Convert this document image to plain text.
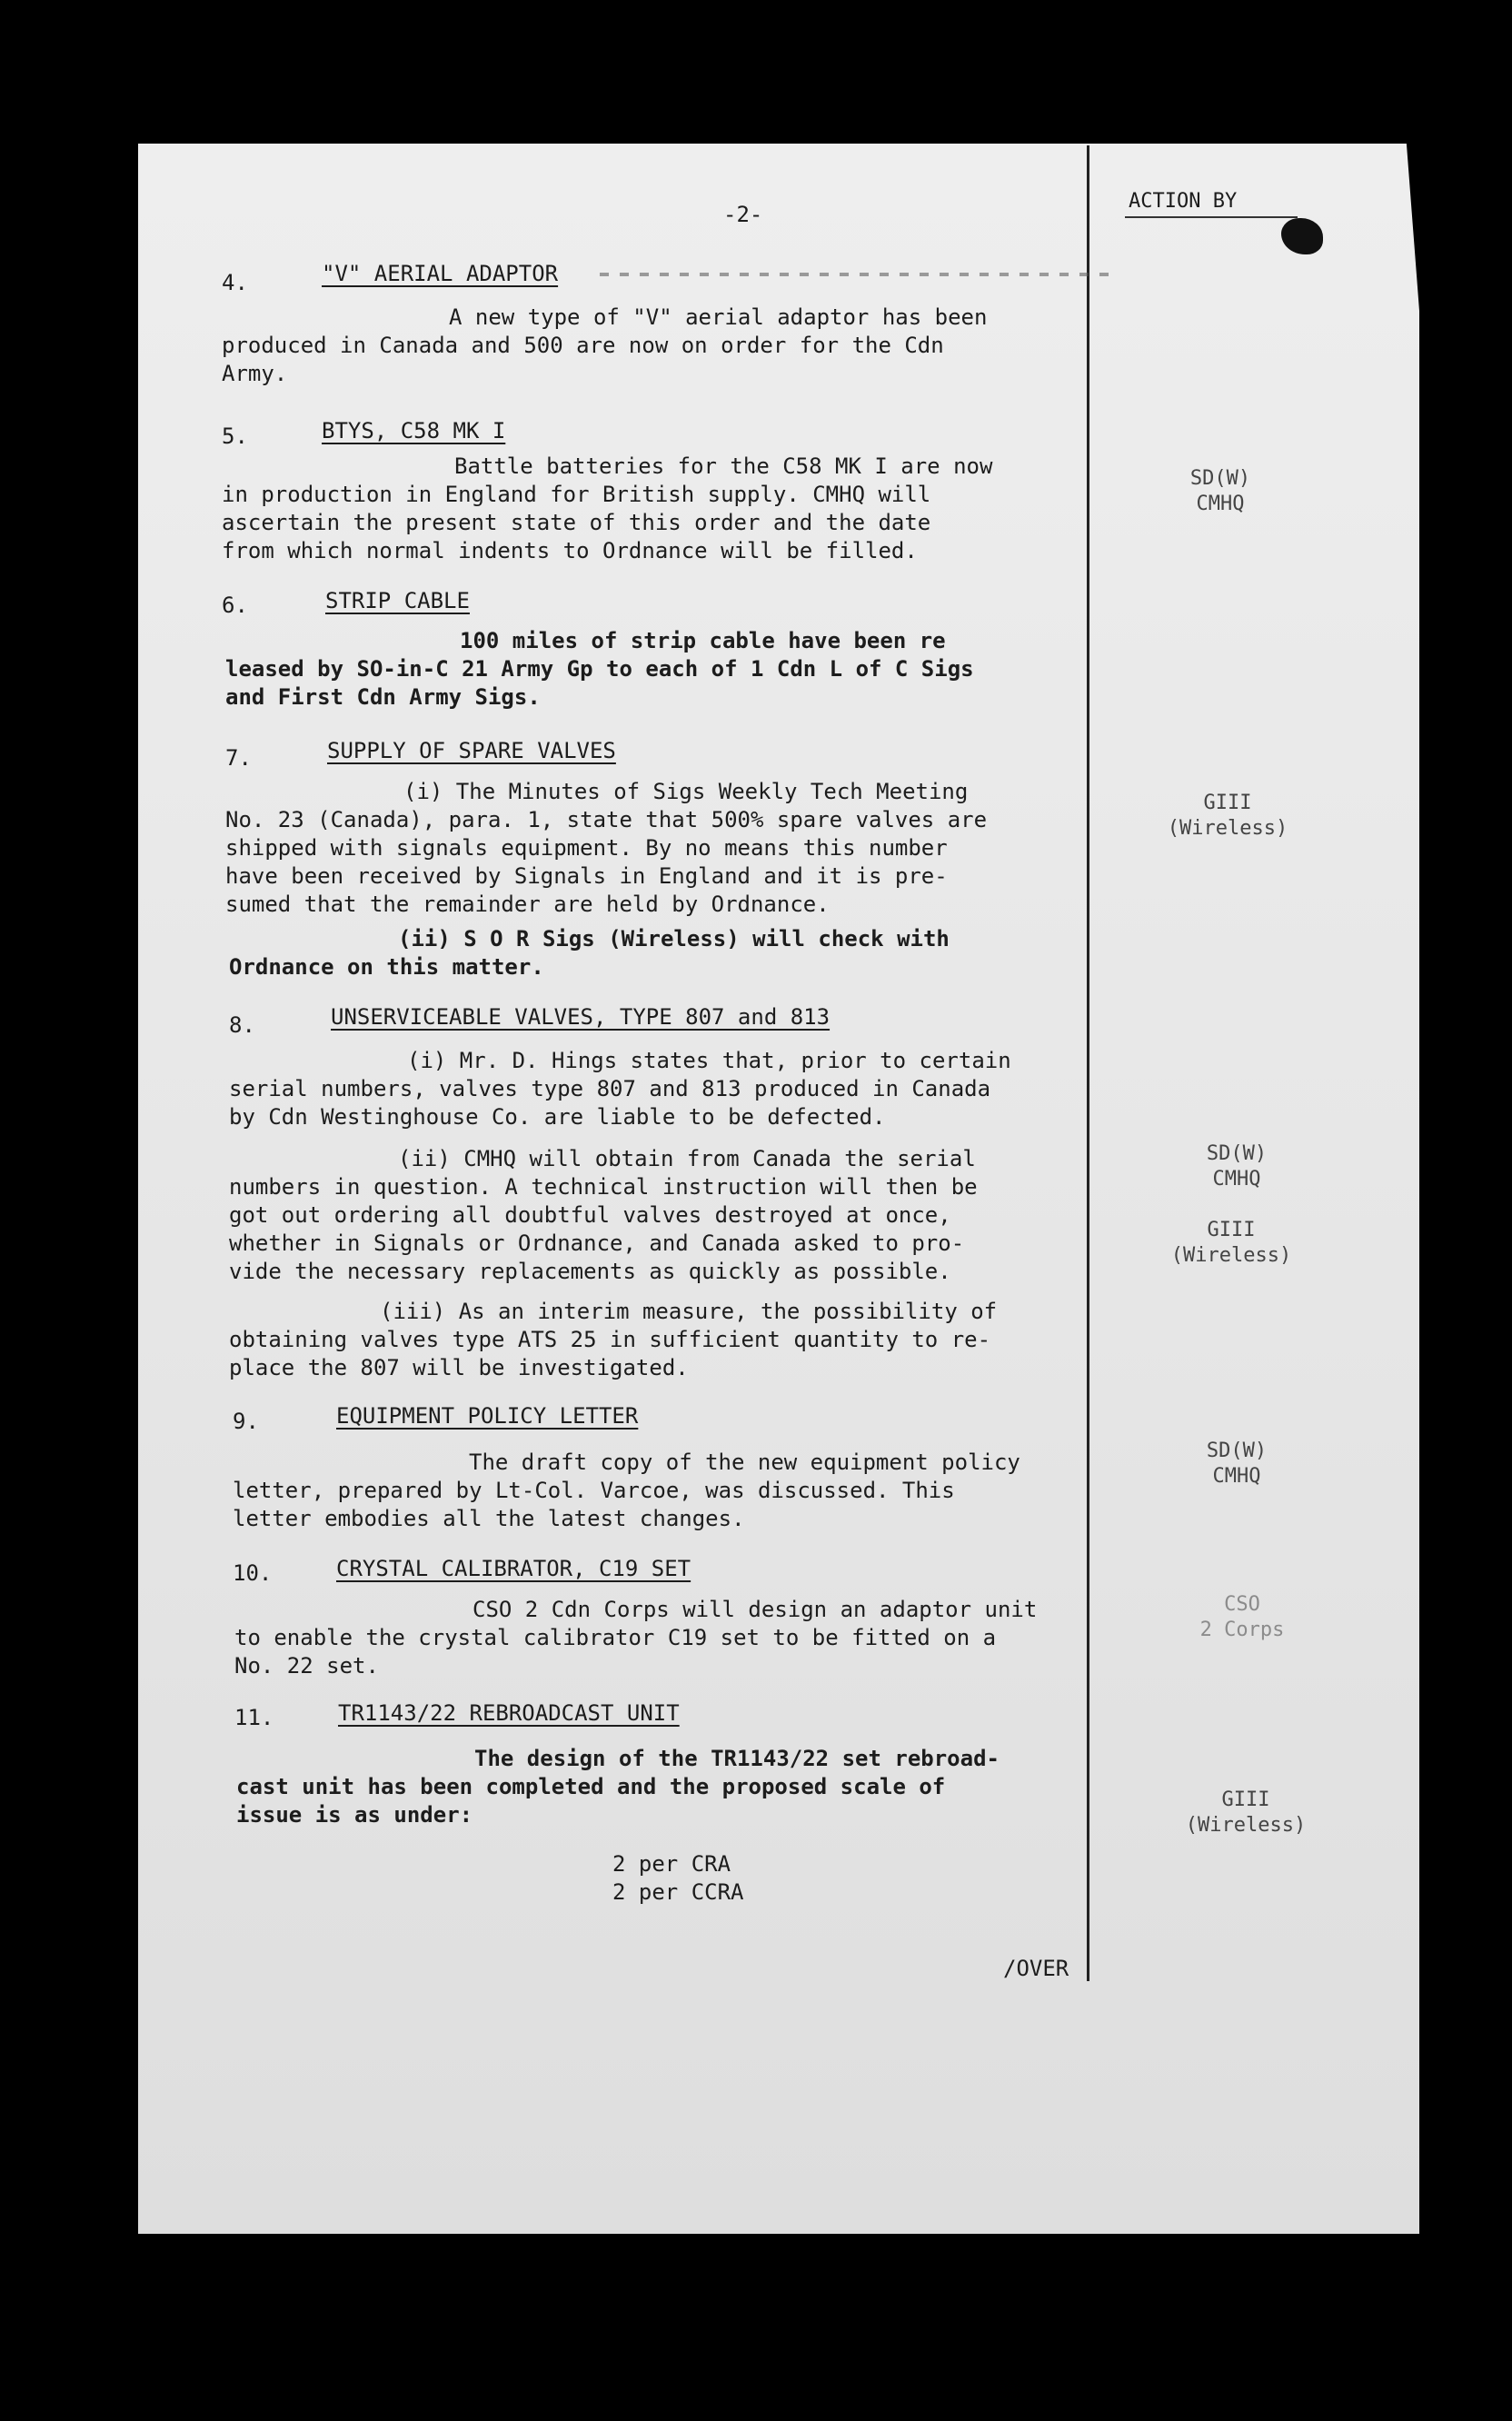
-2-
ACTION BY
4.	"V" AERIAL ADAPTOR
A new type of "V" aerial adaptor has been
produced in Canada and 500 are now on order for the Cdn
Army.
5.	BTYS, C58 MK I
Battle batteries for the C58 MK I are now
in production in England for British supply. CMHQ will
ascertain the present state of this order and the date
from which normal indents to Ordnance will be filled.
6.	STRIP CABLE
100 miles of strip cable have been re
leased by SO-in-C 21 Army Gp to each of 1 Cdn L of C Sigs
and First Cdn Army Sigs.
7.	SUPPLY OF SPARE VALVES
(i) The Minutes of Sigs Weekly Tech Meeting
No. 23 (Canada), para. 1, state that 500% spare valves are
shipped with signals equipment. By no means this number
have been received by Signals in England and it is pre-
sumed that the remainder are held by Ordnance.
(ii) S O R Sigs (Wireless) will check with
Ordnance on this matter.
8.	UNSERVICEABLE VALVES, TYPE 807 and 813
(i) Mr. D. Hings states that, prior to certain
serial numbers, valves type 807 and 813 produced in Canada
by Cdn Westinghouse Co. are liable to be defected.
(ii) CMHQ will obtain from Canada the serial
numbers in question. A technical instruction will then be
got out ordering all doubtful valves destroyed at once,
whether in Signals or Ordnance, and Canada asked to pro-
vide the necessary replacements as quickly as possible.
(iii) As an interim measure, the possibility of
obtaining valves type ATS 25 in sufficient quantity to re-
place the 807 will be investigated.
9.	EQUIPMENT POLICY LETTER
The draft copy of the new equipment policy
letter, prepared by Lt-Col. Varcoe, was discussed. This
letter embodies all the latest changes.
10.	CRYSTAL CALIBRATOR, C19 SET
CSO 2 Cdn Corps will design an adaptor unit
to enable the crystal calibrator C19 set to be fitted on a
No. 22 set.
11.	TR1143/22 REBROADCAST UNIT
The design of the TR1143/22 set rebroad-
cast unit has been completed and the proposed scale of
issue is as under:
2 per CRA
2 per CCRA
SD(W)
CMHQ
GIII
(Wireless)
SD(W)
CMHQ
GIII
(Wireless)
SD(W)
CMHQ
CSO
2 Corps
GIII
(Wireless)
/OVER
